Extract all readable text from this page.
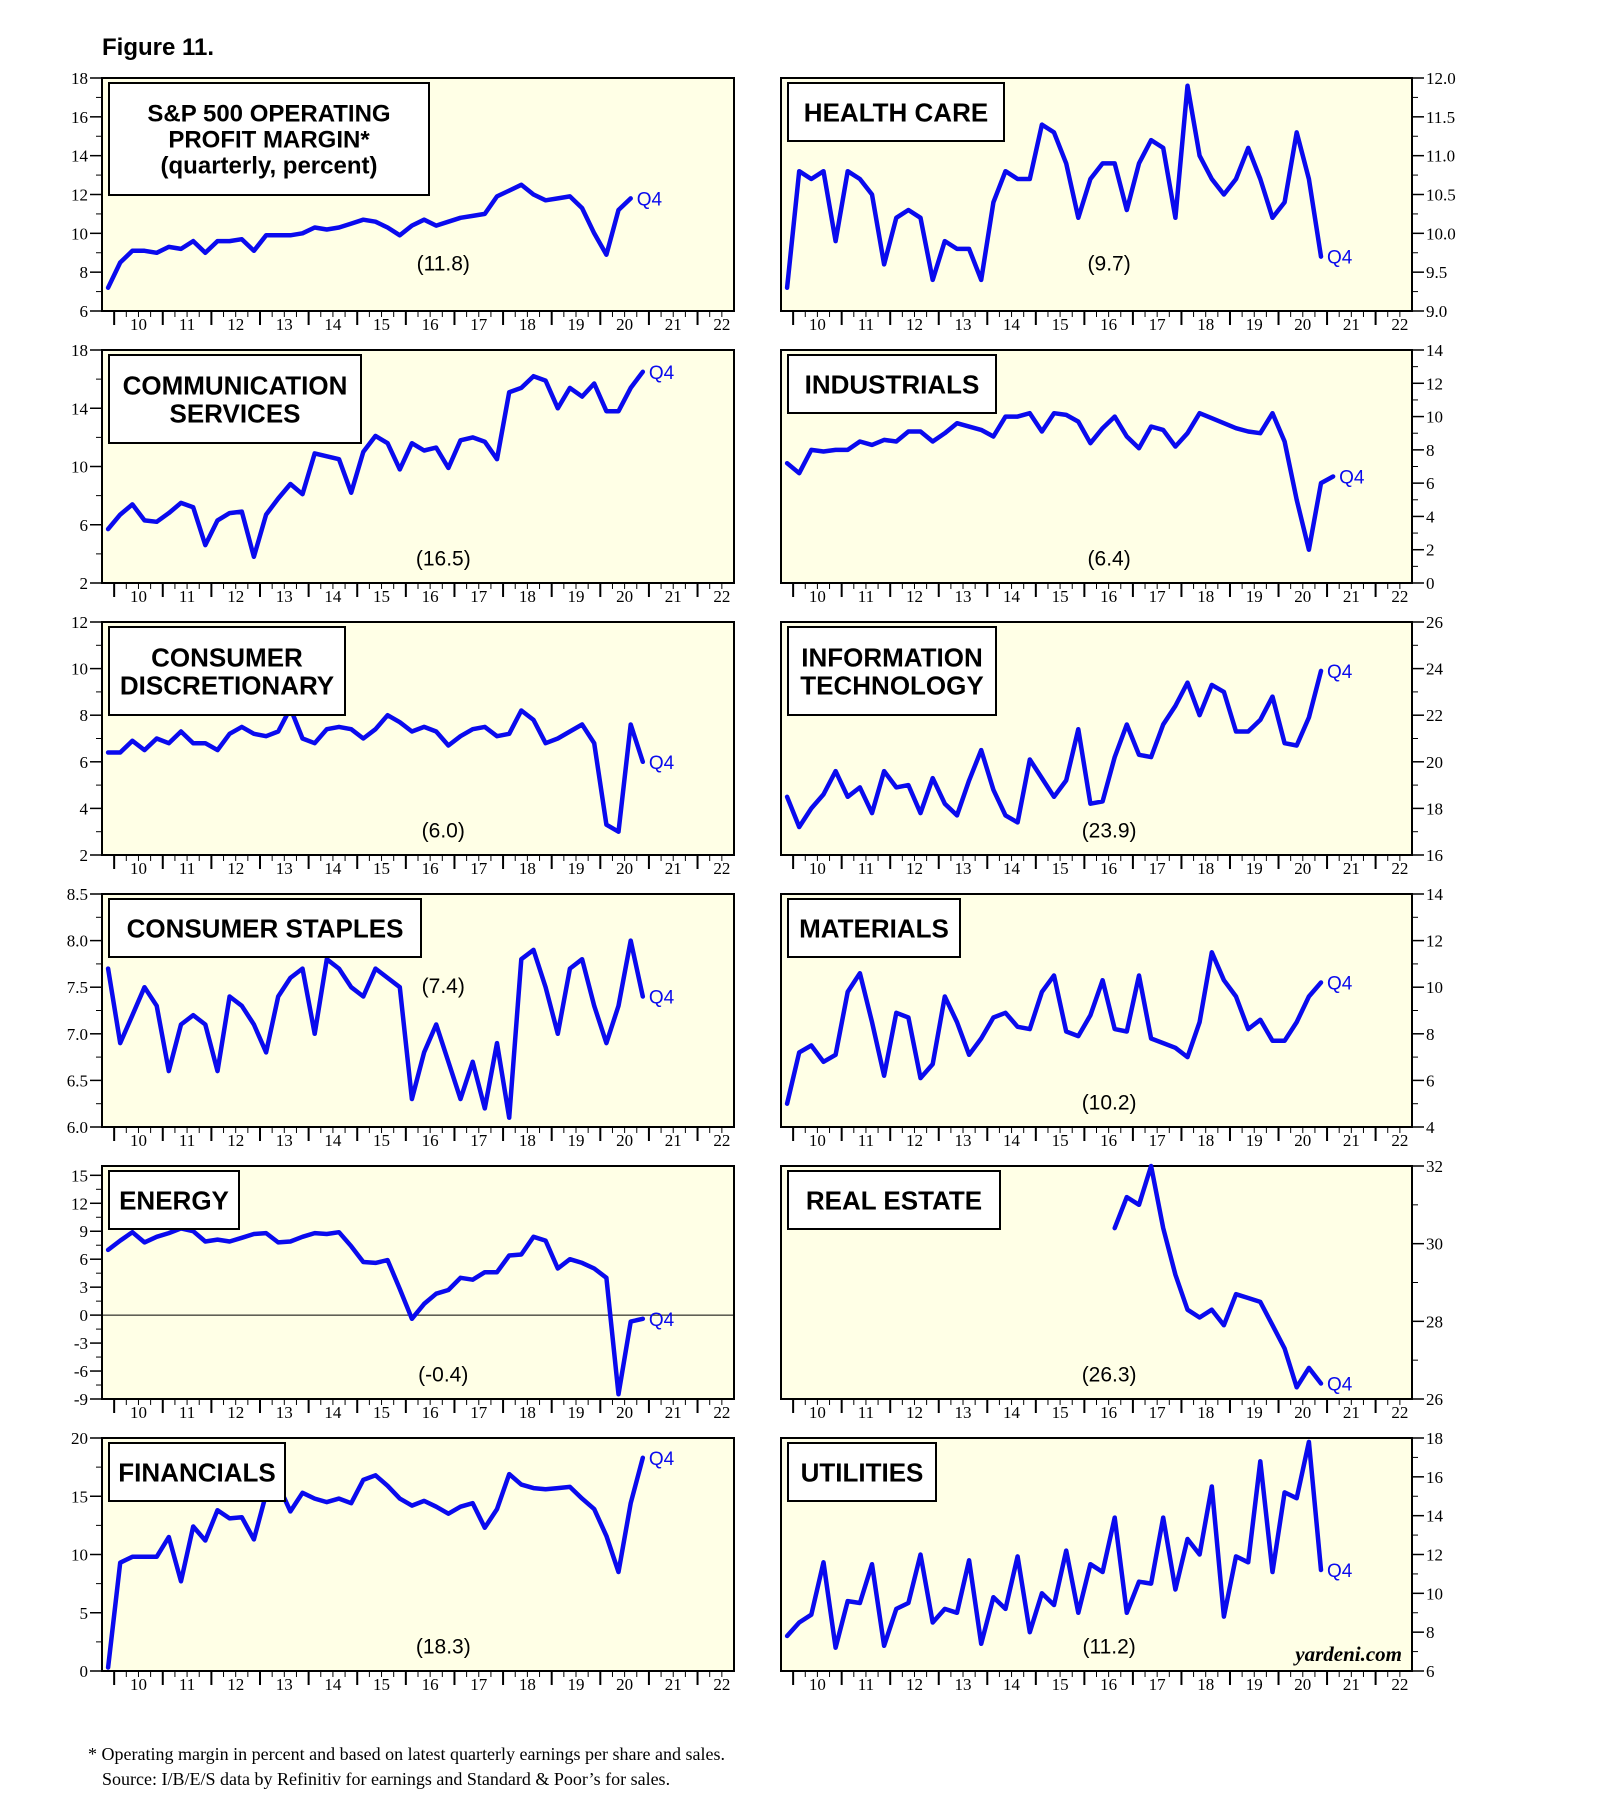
Figure 11.
10 11 12 13 14 15 16 17 18 19 20 21 22
6
8
10
12
14
16
18
Q4
(11.8)
S&P 500 OPERATING
PROFIT MARGIN*
(quarterly, percent)
10 11 12 13 14 15 16 17 18 19 20 21 22
9.0
9.5
10.0
10.5
11.0
11.5
12.0
Q4
(9.7)
HEALTH CARE
10 11 12 13 14 15 16 17 18 19 20 21 22
2
6
10
14
18
Q4
(16.5)
COMMUNICATION
SERVICES
10 11 12 13 14 15 16 17 18 19 20 21 22
0
2
4
6
8
10
12
14
Q4
(6.4)
INDUSTRIALS
10 11 12 13 14 15 16 17 18 19 20 21 22
2
4
6
8
10
12
Q4
(6.0)
CONSUMER
DISCRETIONARY
10 11 12 13 14 15 16 17 18 19 20 21 22
16
18
20
22
24
26
Q4
(23.9)
INFORMATION
TECHNOLOGY
10 11 12 13 14 15 16 17 18 19 20 21 22
6.0
6.5
7.0
7.5
8.0
8.5
Q4
(7.4)
CONSUMER STAPLES
10 11 12 13 14 15 16 17 18 19 20 21 22
4
6
8
10
12
14
Q4
(10.2)
MATERIALS
10 11 12 13 14 15 16 17 18 19 20 21 22
-9
-6
-3
0
3
6
9
12
15
Q4
(-0.4)
ENERGY
10 11 12 13 14 15 16 17 18 19 20 21 22
26
28
30
32
Q4
(26.3)
REAL ESTATE
10 11 12 13 14 15 16 17 18 19 20 21 22
0
5
10
15
20
Q4
(18.3)
FINANCIALS
10 11 12 13 14 15 16 17 18 19 20 21 22
6
8
10
12
14
16
18
Q4
(11.2)
UTILITIES
yardeni.com
* Operating margin in percent and based on latest quarterly earnings per share and sales.
Source: I/B/E/S data by Refinitiv for earnings and Standard & Poor’s for sales.
